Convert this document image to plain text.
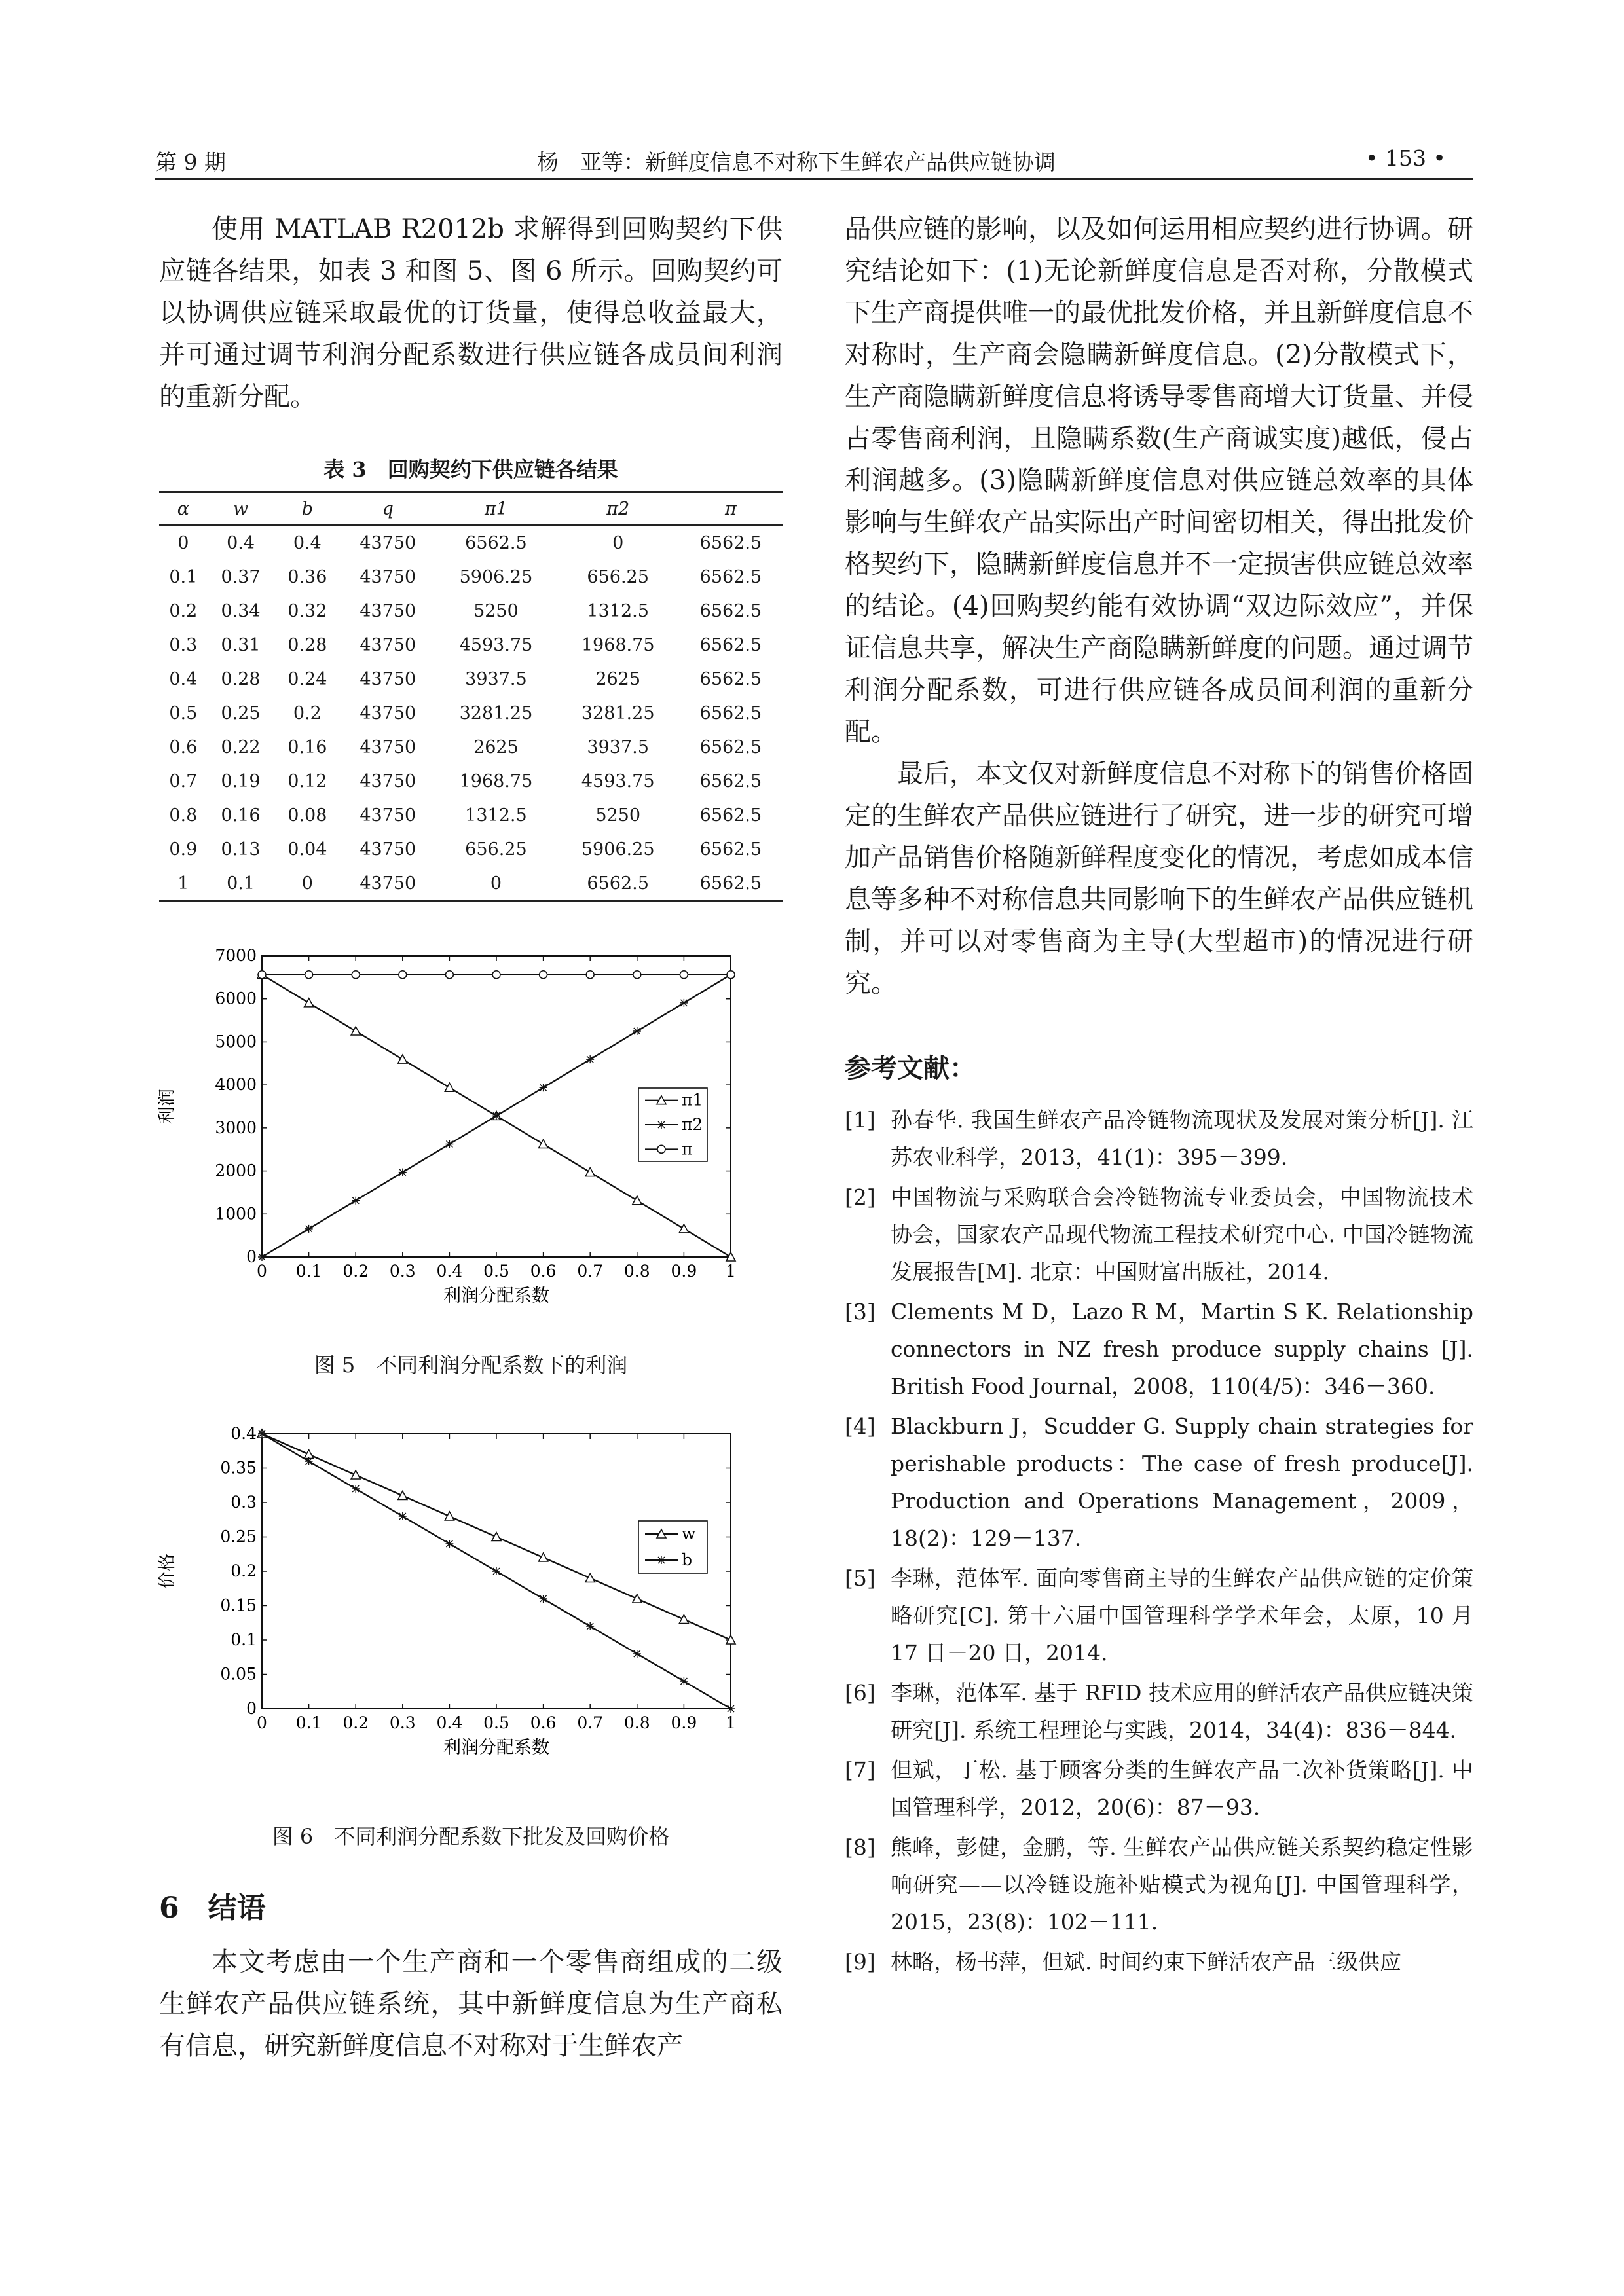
第 9 期	杨　亚等：新鲜度信息不对称下生鲜农产品供应链协调	• 153 •

使用 MATLAB R2012b 求解得到回购契约下供应链各结果，如表 3 和图 5、图 6 所示。回购契约可以协调供应链采取最优的订货量，使得总收益最大，并可通过调节利润分配系数进行供应链各成员间利润的重新分配。

表 3　回购契约下供应链各结果
α	w	b	q	π1	π2	π
0	0.4	0.4	43750	6562.5	0	6562.5
0.1	0.37	0.36	43750	5906.25	656.25	6562.5
0.2	0.34	0.32	43750	5250	1312.5	6562.5
0.3	0.31	0.28	43750	4593.75	1968.75	6562.5
0.4	0.28	0.24	43750	3937.5	2625	6562.5
0.5	0.25	0.2	43750	3281.25	3281.25	6562.5
0.6	0.22	0.16	43750	2625	3937.5	6562.5
0.7	0.19	0.12	43750	1968.75	4593.75	6562.5
0.8	0.16	0.08	43750	1312.5	5250	6562.5
0.9	0.13	0.04	43750	656.25	5906.25	6562.5
1	0.1	0	43750	0	6562.5	6562.5
0 0.1 0.2 0.3 0.4 0.5 0.6 0.7 0.8 0.9 1
0
1000
2000
3000
4000
5000
6000
7000
利润分配系数
利润	π1
π2
π
图 5　不同利润分配系数下的利润
0 0.1 0.2 0.3 0.4 0.5 0.6 0.7 0.8 0.9 1
0
0.05
0.1
0.15
0.2
0.25
0.3
0.35
0.4
利润分配系数
价格
w
b
图 6　不同利润分配系数下批发及回购价格
6　结语

本文考虑由一个生产商和一个零售商组成的二级生鲜农产品供应链系统，其中新鲜度信息为生产商私有信息，研究新鲜度信息不对称对于生鲜农产

品供应链的影响，以及如何运用相应契约进行协调。研究结论如下：(1)无论新鲜度信息是否对称，分散模式下生产商提供唯一的最优批发价格，并且新鲜度信息不对称时，生产商会隐瞒新鲜度信息。(2)分散模式下，生产商隐瞒新鲜度信息将诱导零售商增大订货量、并侵占零售商利润，且隐瞒系数(生产商诚实度)越低，侵占利润越多。(3)隐瞒新鲜度信息对供应链总效率的具体影响与生鲜农产品实际出产时间密切相关，得出批发价格契约下，隐瞒新鲜度信息并不一定损害供应链总效率的结论。(4)回购契约能有效协调“双边际效应”，并保证信息共享，解决生产商隐瞒新鲜度的问题。通过调节利润分配系数，可进行供应链各成员间利润的重新分配。

最后，本文仅对新鲜度信息不对称下的销售价格固定的生鲜农产品供应链进行了研究，进一步的研究可增加产品销售价格随新鲜程度变化的情况，考虑如成本信息等多种不对称信息共同影响下的生鲜农产品供应链机制，并可以对零售商为主导(大型超市)的情况进行研究。

参考文献：
[1] 孙春华. 我国生鲜农产品冷链物流现状及发展对策分析[J]. 江苏农业科学，2013，41(1)：395－399.
[2] 中国物流与采购联合会冷链物流专业委员会，中国物流技术协会，国家农产品现代物流工程技术研究中心. 中国冷链物流发展报告[M]. 北京：中国财富出版社，2014.
[3] Clements M D，Lazo R M，Martin S K. Relationship connectors in NZ fresh produce supply chains [J]. British Food Journal，2008，110(4/5)：346－360.
[4] Blackburn J，Scudder G. Supply chain strategies for perishable products：The case of fresh produce[J]. Production and Operations Management，2009，18(2)：129－137.
[5] 李琳，范体军. 面向零售商主导的生鲜农产品供应链的定价策略研究[C]. 第十六届中国管理科学学术年会，太原，10 月 17 日－20 日，2014.
[6] 李琳，范体军. 基于 RFID 技术应用的鲜活农产品供应链决策研究[J]. 系统工程理论与实践，2014，34(4)：836－844.
[7] 但斌，丁松. 基于顾客分类的生鲜农产品二次补货策略[J]. 中国管理科学，2012，20(6)：87－93.
[8] 熊峰，彭健，金鹏，等. 生鲜农产品供应链关系契约稳定性影响研究——以冷链设施补贴模式为视角[J]. 中国管理科学，2015，23(8)：102－111.
[9] 林略，杨书萍，但斌. 时间约束下鲜活农产品三级供应
